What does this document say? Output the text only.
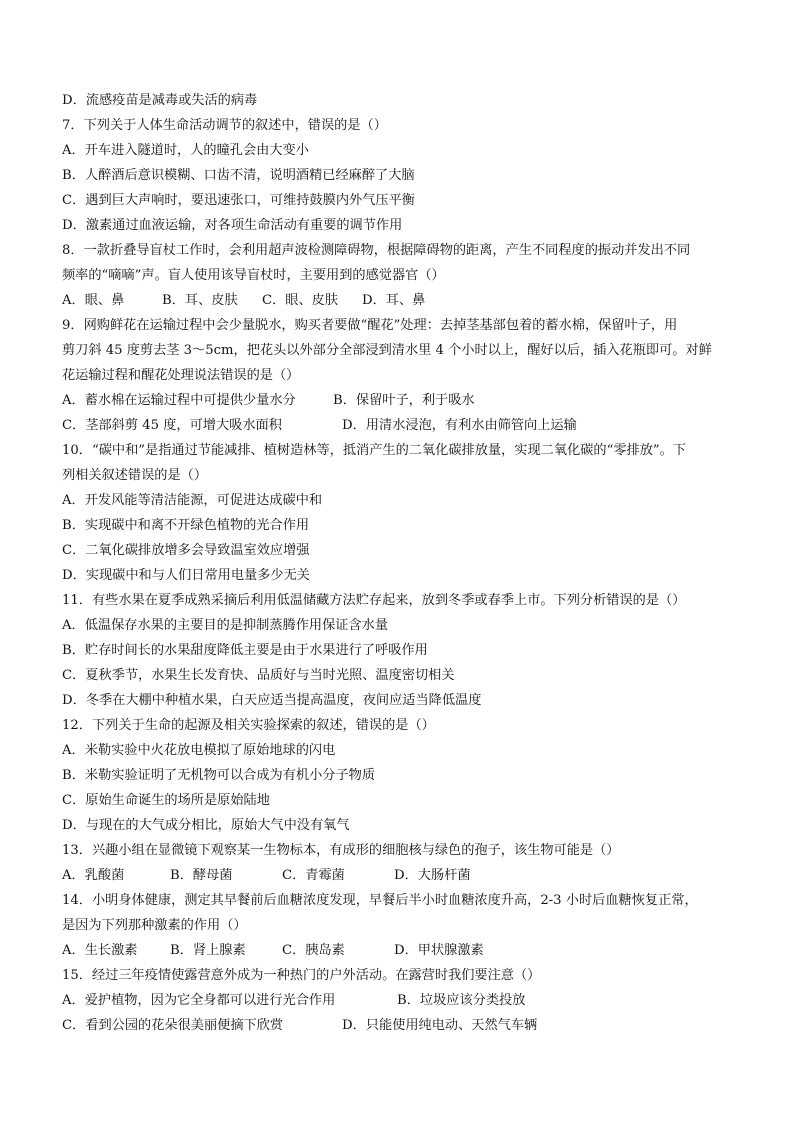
D．流感疫苗是减毒或失活的病毒
7．下列关于人体生命活动调节的叙述中，错误的是（）
A．开车进入隧道时，人的瞳孔会由大变小
B．人醉酒后意识模糊、口齿不清，说明酒精已经麻醉了大脑
C．遇到巨大声响时，要迅速张口，可维持鼓膜内外气压平衡
D．激素通过血液运输，对各项生命活动有重要的调节作用
8．一款折叠导盲杖工作时，会利用超声波检测障碍物，根据障碍物的距离，产生不同程度的振动并发出不同
频率的“嘀嘀”声。盲人使用该导盲杖时，主要用到的感觉器官（）
A．眼、鼻	B．耳、皮肤	C．眼、皮肤	D．耳、鼻
9．网购鲜花在运输过程中会少量脱水，购买者要做“醒花”处理：去掉茎基部包着的蓄水棉，保留叶子，用
剪刀斜 45 度剪去茎 3～5cm，把花头以外部分全部浸到清水里 4 个小时以上，醒好以后，插入花瓶即可。对鲜
花运输过程和醒花处理说法错误的是（）
A．蓄水棉在运输过程中可提供少量水分	B．保留叶子，利于吸水
C．茎部斜剪 45 度，可增大吸水面积	D．用清水浸泡，有利水由筛管向上运输
10．“碳中和”是指通过节能减排、植树造林等，抵消产生的二氧化碳排放量，实现二氧化碳的“零排放”。下
列相关叙述错误的是（）
A．开发风能等清洁能源，可促进达成碳中和
B．实现碳中和离不开绿色植物的光合作用
C．二氧化碳排放增多会导致温室效应增强
D．实现碳中和与人们日常用电量多少无关
11．有些水果在夏季成熟采摘后利用低温储藏方法贮存起来，放到冬季或春季上市。下列分析错误的是（）
A．低温保存水果的主要目的是抑制蒸腾作用保证含水量
B．贮存时间长的水果甜度降低主要是由于水果进行了呼吸作用
C．夏秋季节，水果生长发育快、品质好与当时光照、温度密切相关
D．冬季在大棚中种植水果，白天应适当提高温度，夜间应适当降低温度
12．下列关于生命的起源及相关实验探索的叙述，错误的是（）
A．米勒实验中火花放电模拟了原始地球的闪电
B．米勒实验证明了无机物可以合成为有机小分子物质
C．原始生命诞生的场所是原始陆地
D．与现在的大气成分相比，原始大气中没有氧气
13．兴趣小组在显微镜下观察某一生物标本，有成形的细胞核与绿色的孢子，该生物可能是（）
A．乳酸菌	B．酵母菌	C．青霉菌	D．大肠杆菌
14．小明身体健康，测定其早餐前后血糖浓度发现，早餐后半小时血糖浓度升高，2-3 小时后血糖恢复正常，
是因为下列那种激素的作用（）
A．生长激素	B．肾上腺素	C．胰岛素	D．甲状腺激素
15．经过三年疫情使露营意外成为一种热门的户外活动。在露营时我们要注意（）
A．爱护植物，因为它全身都可以进行光合作用	B．垃圾应该分类投放
C．看到公园的花朵很美丽便摘下欣赏	D．只能使用纯电动、天然气车辆
